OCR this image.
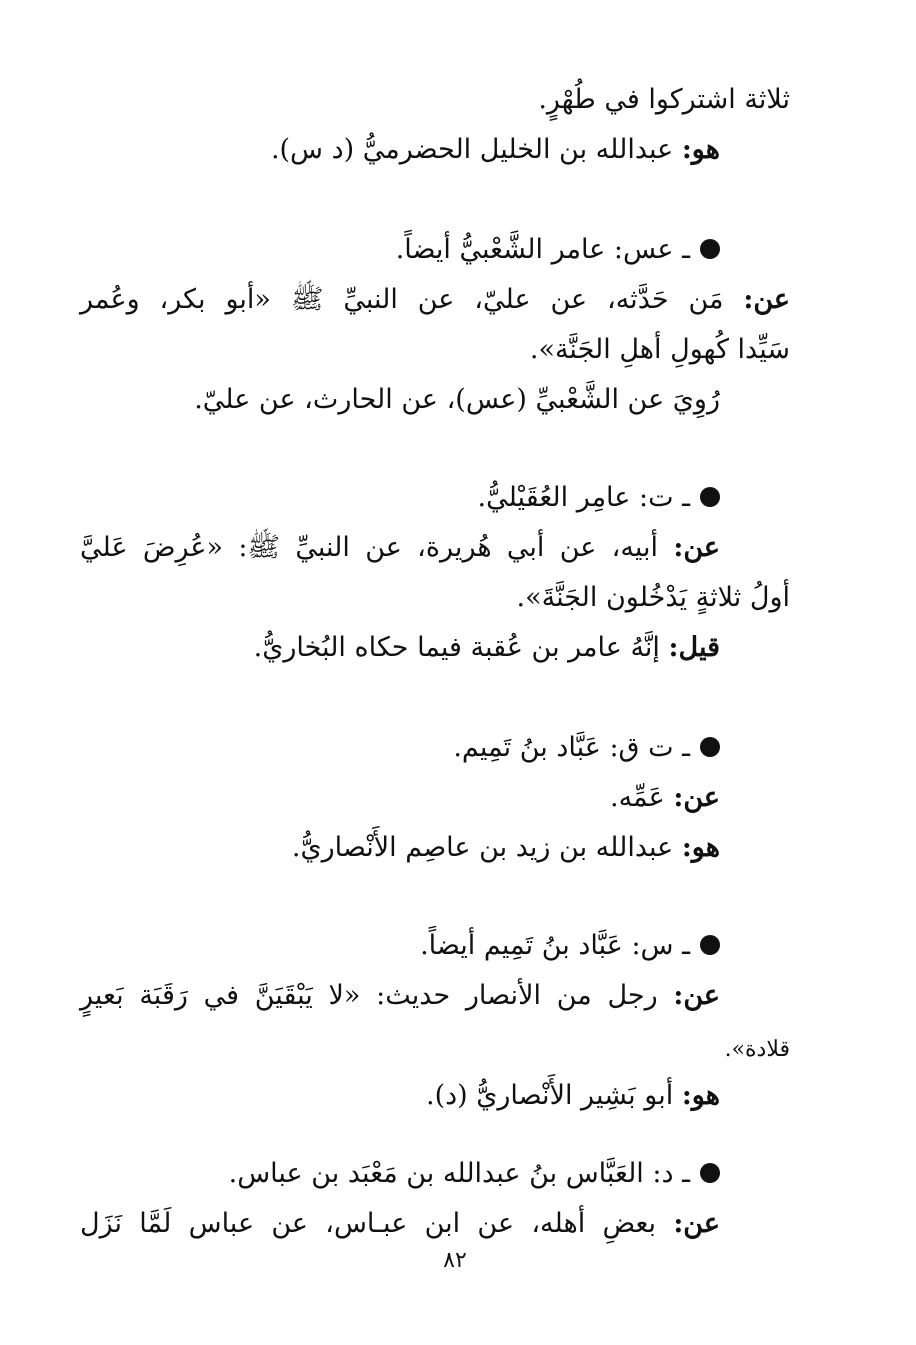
ثلاثة اشتركوا في طُهْرٍ.
هو: عبدالله بن الخليل الحضرميُّ (د س).
ـ عس: عامر الشَّعْبيُّ أيضاً.
عن: مَن حَدَّثه، عن عليّ، عن النبيِّ ﷺ «أبو بكر، وعُمر
سَيِّدا كُهولِ أهلِ الجَنَّة».
رُوِيَ عن الشَّعْبيِّ (عس)، عن الحارث، عن عليّ.
ـ ت: عامِر العُقَيْليُّ.
عن: أبيه، عن أبي هُريرة، عن النبيِّ ﷺ: «عُرِضَ عَليَّ
أولُ ثلاثةٍ يَدْخُلون الجَنَّةَ».
قيل: إنَّهُ عامر بن عُقبة فيما حكاه البُخاريُّ.
ـ ت ق: عَبَّاد بنُ تَمِيم.
عن: عَمِّه.
هو: عبدالله بن زيد بن عاصِم الأَنْصاريُّ.
ـ س: عَبَّاد بنُ تَمِيم أيضاً.
عن: رجل من الأنصار حديث: «لا يَبْقَيَنَّ في رَقَبَة بَعيرٍ
قلادة».
هو: أبو بَشِير الأَنْصاريُّ (د).
ـ د: العَبَّاس بنُ عبدالله بن مَعْبَد بن عباس.
عن: بعضِ أهله، عن ابن عبـاس، عن عباس لَمَّا نَزَل
٨٢
